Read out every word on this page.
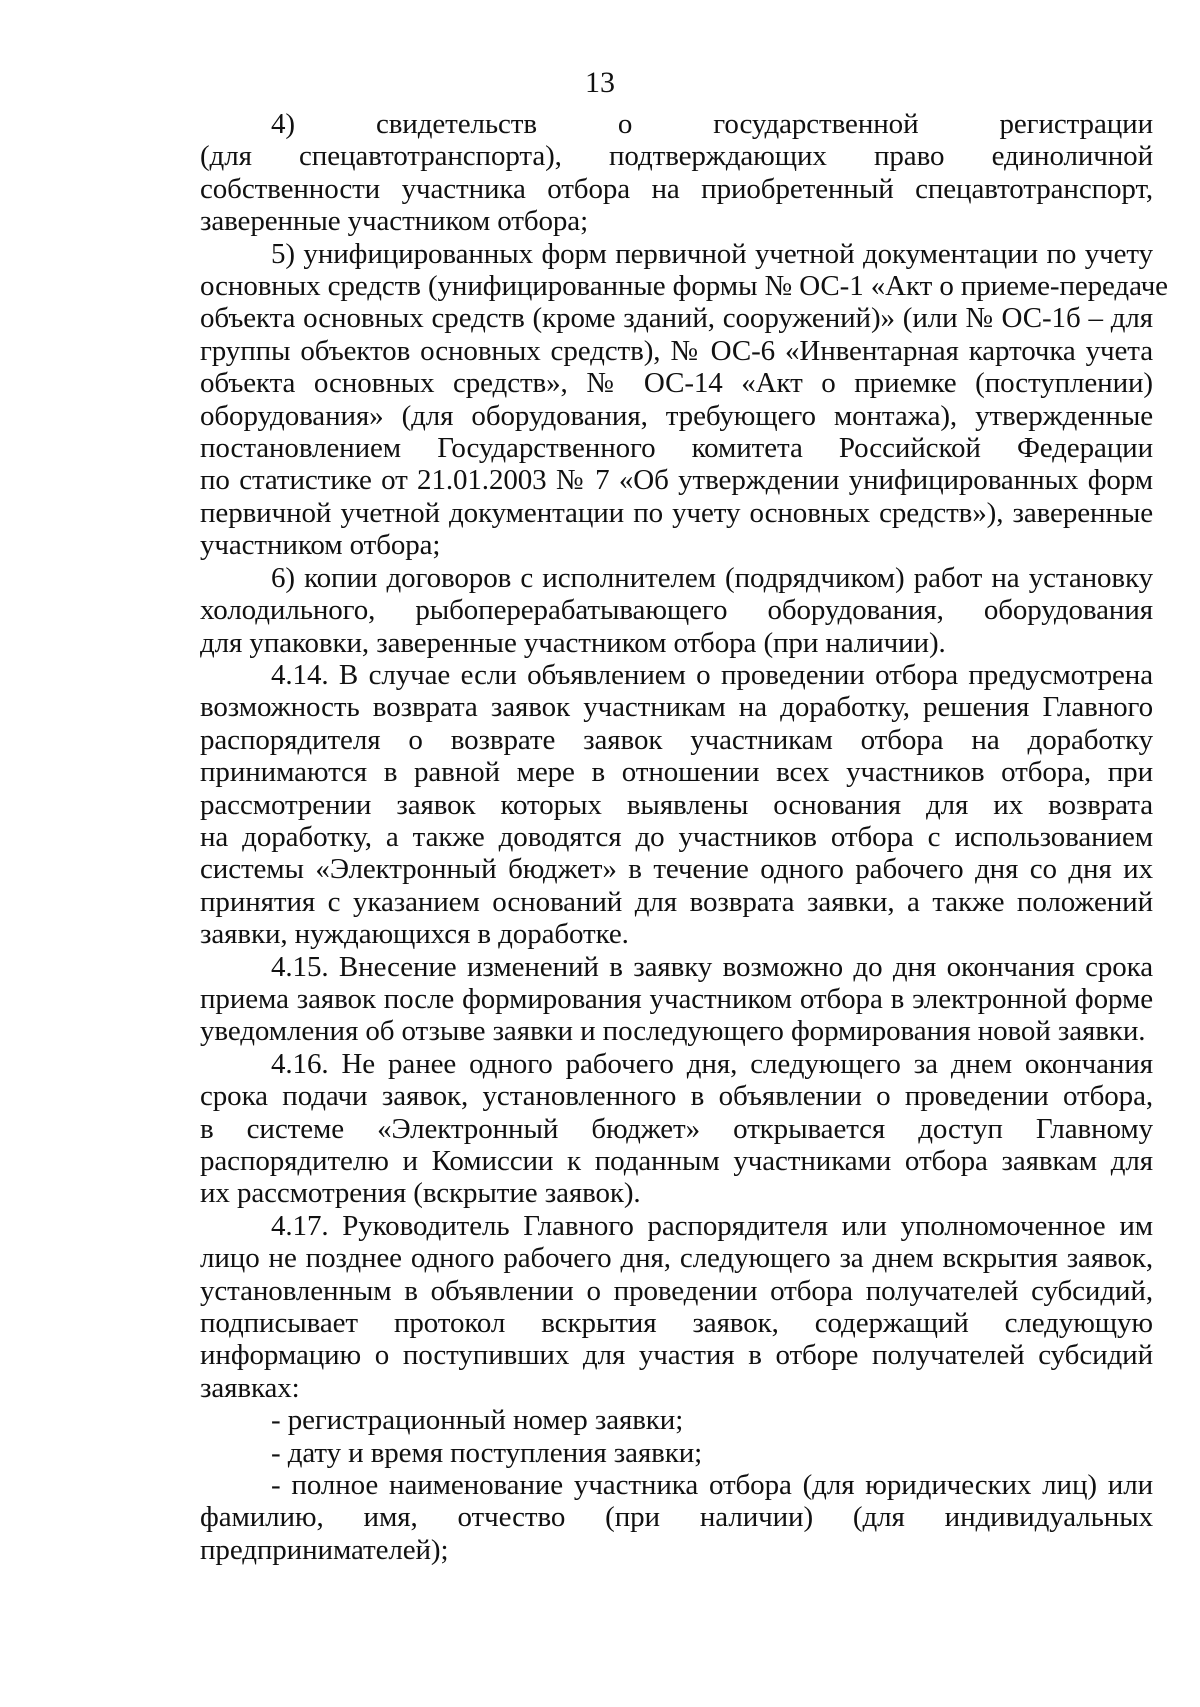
13
4) свидетельств о государственной регистрации
(для спецавтотранспорта), подтверждающих право единоличной
собственности участника отбора на приобретенный спецавтотранспорт,
заверенные участником отбора;
5) унифицированных форм первичной учетной документации по учету
основных средств (унифицированные формы № ОС-1 «Акт о приеме-передаче
объекта основных средств (кроме зданий, сооружений)» (или № ОС-1б – для
группы объектов основных средств), № ОС-6 «Инвентарная карточка учета
объекта основных средств», № ОС-14 «Акт о приемке (поступлении)
оборудования» (для оборудования, требующего монтажа), утвержденные
постановлением Государственного комитета Российской Федерации
по статистике от 21.01.2003 № 7 «Об утверждении унифицированных форм
первичной учетной документации по учету основных средств»), заверенные
участником отбора;
6) копии договоров с исполнителем (подрядчиком) работ на установку
холодильного, рыбоперерабатывающего оборудования, оборудования
для упаковки, заверенные участником отбора (при наличии).
4.14. В случае если объявлением о проведении отбора предусмотрена
возможность возврата заявок участникам на доработку, решения Главного
распорядителя о возврате заявок участникам отбора на доработку
принимаются в равной мере в отношении всех участников отбора, при
рассмотрении заявок которых выявлены основания для их возврата
на доработку, а также доводятся до участников отбора с использованием
системы «Электронный бюджет» в течение одного рабочего дня со дня их
принятия с указанием оснований для возврата заявки, а также положений
заявки, нуждающихся в доработке.
4.15. Внесение изменений в заявку возможно до дня окончания срока
приема заявок после формирования участником отбора в электронной форме
уведомления об отзыве заявки и последующего формирования новой заявки.
4.16. Не ранее одного рабочего дня, следующего за днем окончания
срока подачи заявок, установленного в объявлении о проведении отбора,
в системе «Электронный бюджет» открывается доступ Главному
распорядителю и Комиссии к поданным участниками отбора заявкам для
их рассмотрения (вскрытие заявок).
4.17. Руководитель Главного распорядителя или уполномоченное им
лицо не позднее одного рабочего дня, следующего за днем вскрытия заявок,
установленным в объявлении о проведении отбора получателей субсидий,
подписывает протокол вскрытия заявок, содержащий следующую
информацию о поступивших для участия в отборе получателей субсидий
заявках:
- регистрационный номер заявки;
- дату и время поступления заявки;
- полное наименование участника отбора (для юридических лиц) или
фамилию, имя, отчество (при наличии) (для индивидуальных
предпринимателей);
